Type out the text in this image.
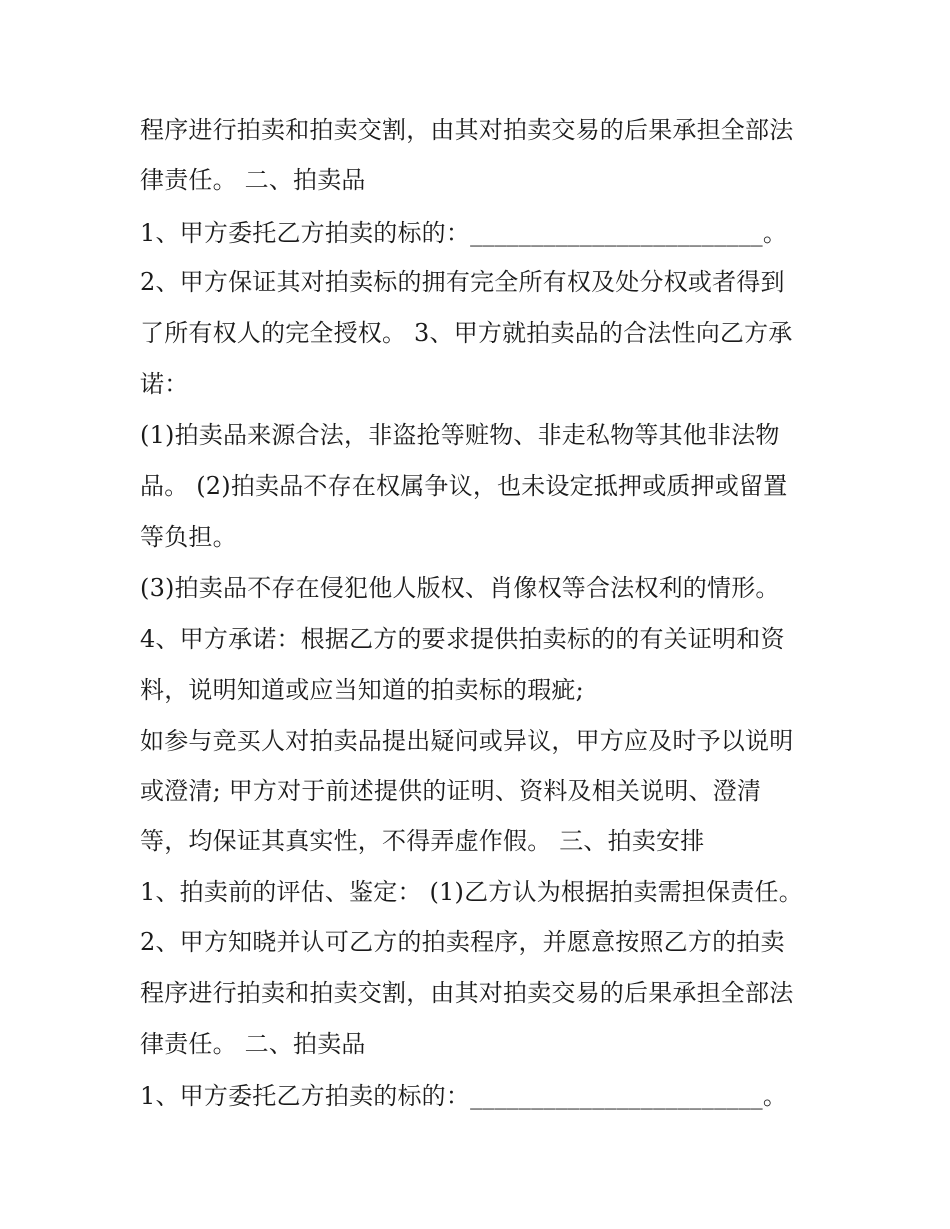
程序进行拍卖和拍卖交割，由其对拍卖交易的后果承担全部法
律责任。 二、拍卖品
1、甲方委托乙方拍卖的标的：________________________。
2、甲方保证其对拍卖标的拥有完全所有权及处分权或者得到
了所有权人的完全授权。 3、甲方就拍卖品的合法性向乙方承
诺：
(1)拍卖品来源合法，非盗抢等赃物、非走私物等其他非法物
品。 (2)拍卖品不存在权属争议，也未设定抵押或质押或留置
等负担。
(3)拍卖品不存在侵犯他人版权、肖像权等合法权利的情形。
4、甲方承诺：根据乙方的要求提供拍卖标的的有关证明和资
料，说明知道或应当知道的拍卖标的瑕疵;
如参与竞买人对拍卖品提出疑问或异议，甲方应及时予以说明
或澄清; 甲方对于前述提供的证明、资料及相关说明、澄清
等，均保证其真实性，不得弄虚作假。 三、拍卖安排
1、拍卖前的评估、鉴定： (1)乙方认为根据拍卖需担保责任。
2、甲方知晓并认可乙方的拍卖程序，并愿意按照乙方的拍卖
程序进行拍卖和拍卖交割，由其对拍卖交易的后果承担全部法
律责任。 二、拍卖品
1、甲方委托乙方拍卖的标的：________________________。
